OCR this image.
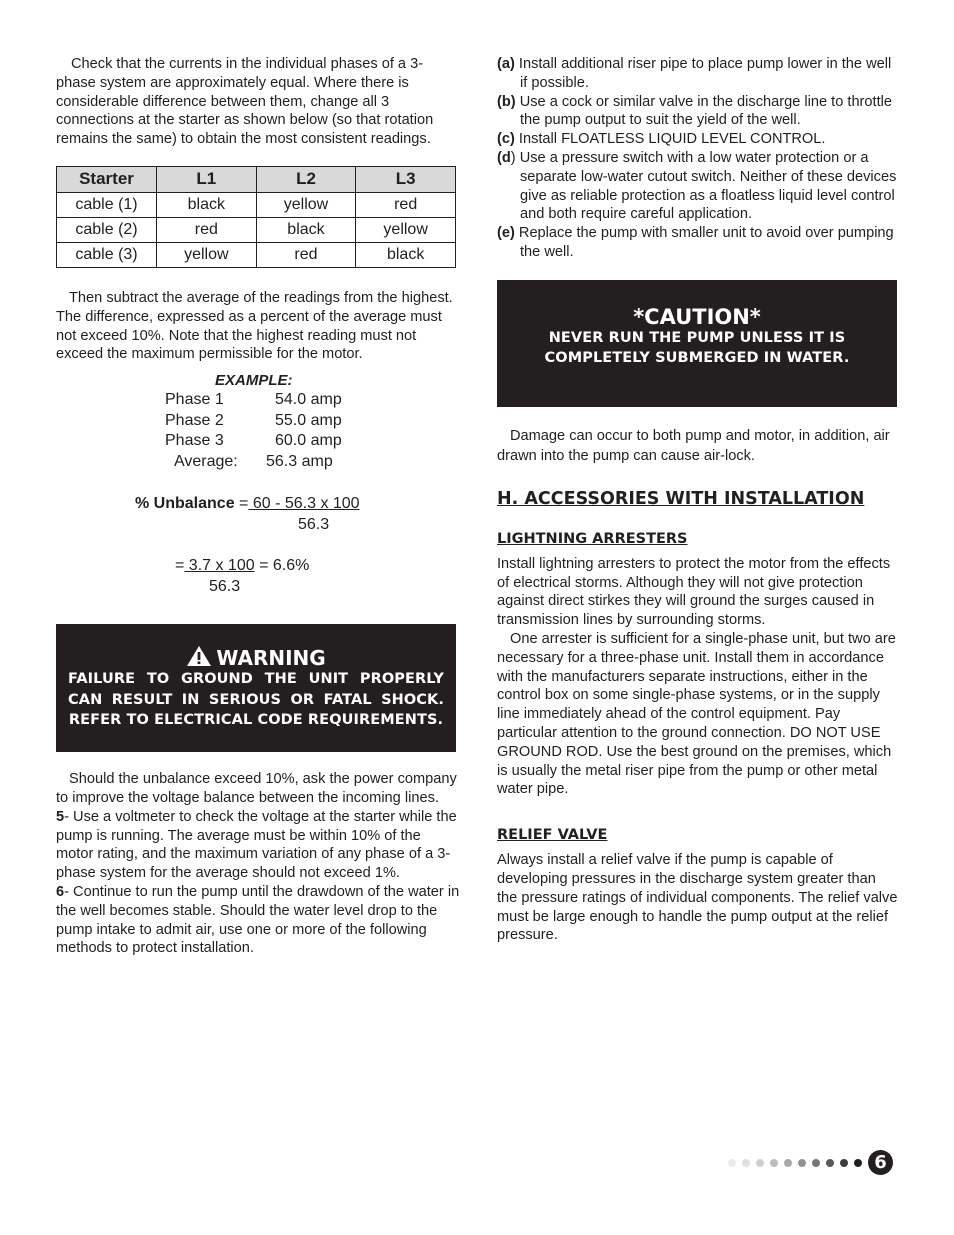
Check that the currents in the individual phases of a 3-phase system are approximately equal. Where there is considerable difference between them, change all 3 connections at the starter as shown below (so that rotation remains the same) to obtain the most consistent readings.

Starter	L1	L2	L3
cable (1)	black	yellow	red
cable (2)	red	black	yellow
cable (3)	yellow	red	black

Then subtract the average of the readings from the highest. The difference, expressed as a percent of the average must not exceed 10%. Note that the highest reading must not exceed the maximum permissible for the motor.

EXAMPLE:
Phase 1	54.0 amp
Phase 2	55.0 amp
Phase 3	60.0 amp
Average: 56.3 amp
% Unbalance = 60 - 56.3 x 100
56.3
= 3.7 x 100 = 6.6%
56.3
WARNING
FAILURE TO GROUND THE UNIT PROPERLY CAN RESULT IN SERIOUS OR FATAL SHOCK. REFER TO ELECTRICAL CODE REQUIREMENTS.

Should the unbalance exceed 10%, ask the power company to improve the voltage balance between the incoming lines.

5- Use a voltmeter to check the voltage at the starter while the pump is running. The average must be within 10% of the motor rating, and the maximum variation of any phase of a 3-phase system for the average should not exceed 1%.

6- Continue to run the pump until the drawdown of the water in the well becomes stable. Should the water level drop to the pump intake to admit air, use one or more of the following methods to protect installation.

(a) Install additional riser pipe to place pump lower in the well if possible.

(b) Use a cock or similar valve in the discharge line to throttle the pump output to suit the yield of the well.

(c) Install FLOATLESS LIQUID LEVEL CONTROL.

(d) Use a pressure switch with a low water protection or a separate low-water cutout switch. Neither of these devices give as reliable protection as a floatless liquid level control and both require careful application.

(e) Replace the pump with smaller unit to avoid over pumping the well.

*CAUTION*
NEVER RUN THE PUMP UNLESS IT IS COMPLETELY SUBMERGED IN WATER.

Damage can occur to both pump and motor, in addition, air drawn into the pump can cause air-lock.

H. ACCESSORIES WITH INSTALLATION
LIGHTNING ARRESTERS

Install lightning arresters to protect the motor from the effects of electrical storms. Although they will not give protection against direct stirkes they will ground the surges caused in transmission lines by surrounding storms.

One arrester is sufficient for a single-phase unit, but two are necessary for a three-phase unit. Install them in accordance with the manufacturers separate instructions, either in the control box on some single-phase systems, or in the supply line immediately ahead of the control equipment. Pay particular attention to the ground connection. DO NOT USE GROUND ROD. Use the best ground on the premises, which is usually the metal riser pipe from the pump or other metal water pipe.

RELIEF VALVE

Always install a relief valve if the pump is capable of developing pressures in the discharge system greater than the pressure ratings of individual components. The relief valve must be large enough to handle the pump output at the relief pressure.

6
